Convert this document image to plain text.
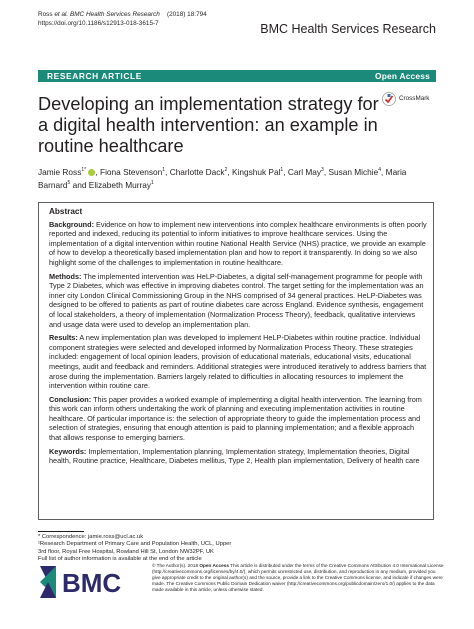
Ross et al. BMC Health Services Research (2018) 18:794
https://doi.org/10.1186/s12913-018-3615-7	BMC Health Services Research
RESEARCH ARTICLE	Open Access
Developing an implementation strategy for a digital health intervention: an example in routine healthcare
CrossMark
Jamie Ross$^{1*}$ , Fiona Stevenson$^1$, Charlotte Dack$^2$, Kingshuk Pal$^1$, Carl May$^3$, Susan Michie$^4$, Maria Barnard$^5$ and Elizabeth Murray$^1$
Abstract

Background: Evidence on how to implement new interventions into complex healthcare environments is often poorly reported and indexed, reducing its potential to inform initiatives to improve healthcare services. Using the implementation of a digital intervention within routine National Health Service (NHS) practice, we provide an example of how to develop a theoretically based implementation plan and how to report it transparently. In doing so we also highlight some of the challenges to implementation in routine healthcare.

Methods: The implemented intervention was HeLP-Diabetes, a digital self-management programme for people with Type 2 Diabetes, which was effective in improving diabetes control. The target setting for the implementation was an inner city London Clinical Commissioning Group in the NHS comprised of 34 general practices. HeLP-Diabetes was designed to be offered to patients as part of routine diabetes care across England. Evidence synthesis, engagement of local stakeholders, a theory of implementation (Normalization Process Theory), feedback, qualitative interviews and usage data were used to develop an implementation plan.

Results: A new implementation plan was developed to implement HeLP-Diabetes within routine practice. Individual component strategies were selected and developed informed by Normalization Process Theory. These strategies included: engagement of local opinion leaders, provision of educational materials, educational visits, educational meetings, audit and feedback and reminders. Additional strategies were introduced iteratively to address barriers that arose during the implementation. Barriers largely related to difficulties in allocating resources to implement the intervention within routine care.

Conclusion: This paper provides a worked example of implementing a digital health intervention. The learning from this work can inform others undertaking the work of planning and executing implementation activities in routine healthcare. Of particular importance is: the selection of appropriate theory to guide the implementation process and selection of strategies, ensuring that enough attention is paid to planning implementation; and a flexible approach that allows response to emerging barriers.

Keywords: Implementation, Implementation planning, Implementation strategy, Implementation theories, Digital health, Routine practice, Healthcare, Diabetes mellitus, Type 2, Health plan implementation, Delivery of health care

* Correspondence: jamie.ross@ucl.ac.uk
¹Research Department of Primary Care and Population Health, UCL, Upper
3rd floor, Royal Free Hospital, Rowland Hill St, London NW32PF, UK
Full list of author information is available at the end of the article
BMC
© The Author(s). 2018 Open Access This article is distributed under the terms of the Creative Commons Attribution 4.0 International License (http://creativecommons.org/licenses/by/4.0/), which permits unrestricted use, distribution, and reproduction in any medium, provided you give appropriate credit to the original author(s) and the source, provide a link to the Creative Commons license, and indicate if changes were made. The Creative Commons Public Domain Dedication waiver (http://creativecommons.org/publicdomain/zero/1.0/) applies to the data made available in this article, unless otherwise stated.
